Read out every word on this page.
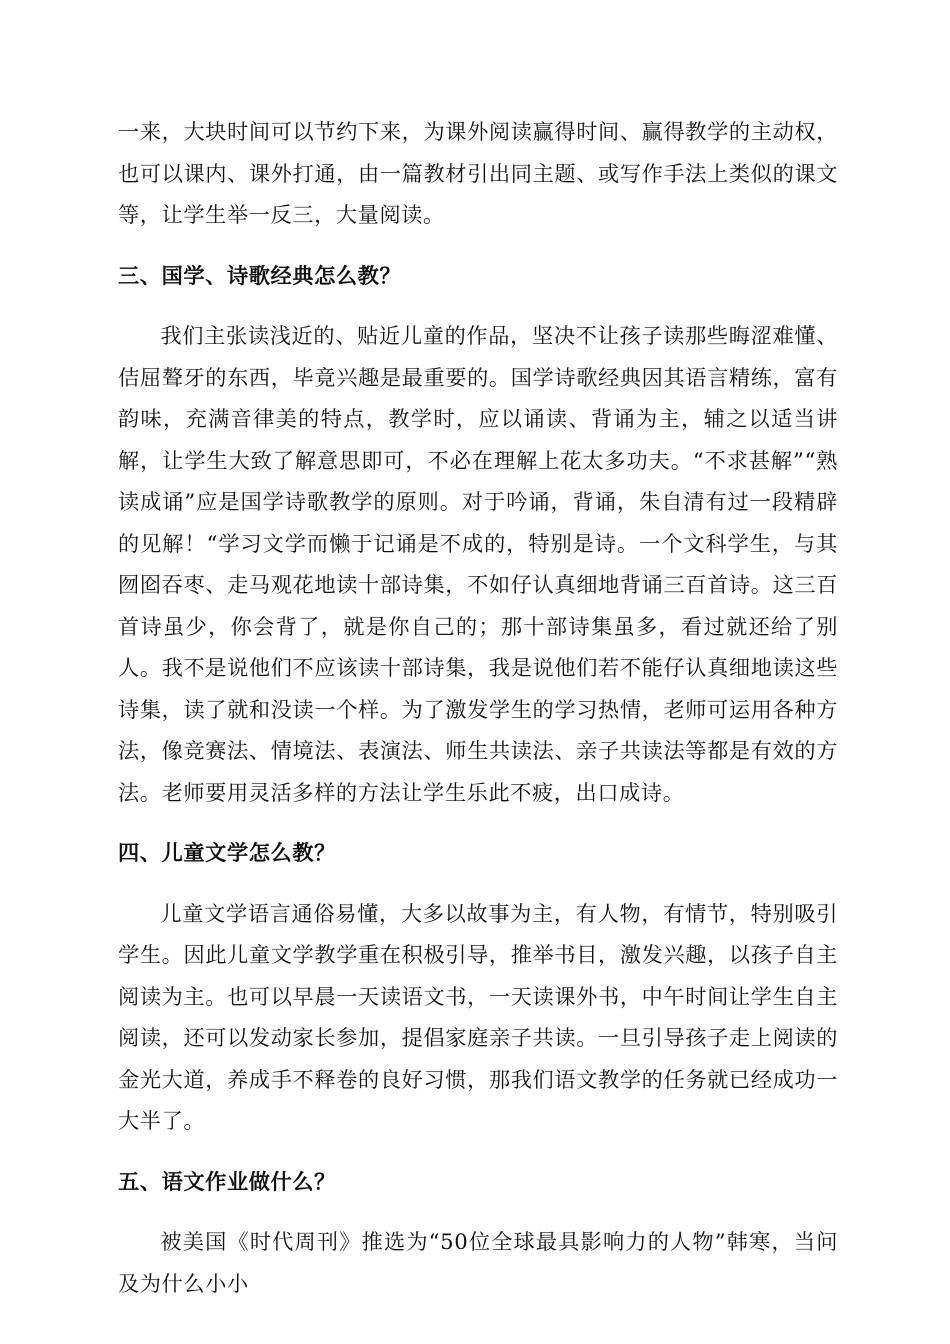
一来，大块时间可以节约下来，为课外阅读赢得时间、赢得教学的主动权，也可以课内、课外打通，由一篇教材引出同主题、或写作手法上类似的课文等，让学生举一反三，大量阅读。

三、国学、诗歌经典怎么教？

我们主张读浅近的、贴近儿童的作品，坚决不让孩子读那些晦涩难懂、佶屈聱牙的东西，毕竟兴趣是最重要的。国学诗歌经典因其语言精练，富有韵味，充满音律美的特点，教学时，应以诵读、背诵为主，辅之以适当讲解，让学生大致了解意思即可，不必在理解上花太多功夫。“不求甚解”“熟读成诵”应是国学诗歌教学的原则。对于吟诵，背诵，朱自清有过一段精辟的见解！“学习文学而懒于记诵是不成的，特别是诗。一个文科学生，与其囫囵吞枣、走马观花地读十部诗集，不如仔认真细地背诵三百首诗。这三百首诗虽少，你会背了，就是你自己的；那十部诗集虽多，看过就还给了别人。我不是说他们不应该读十部诗集，我是说他们若不能仔认真细地读这些诗集，读了就和没读一个样。为了激发学生的学习热情，老师可运用各种方法，像竞赛法、情境法、表演法、师生共读法、亲子共读法等都是有效的方法。老师要用灵活多样的方法让学生乐此不疲，出口成诗。

四、儿童文学怎么教？

儿童文学语言通俗易懂，大多以故事为主，有人物，有情节，特别吸引学生。因此儿童文学教学重在积极引导，推举书目，激发兴趣，以孩子自主阅读为主。也可以早晨一天读语文书，一天读课外书，中午时间让学生自主阅读，还可以发动家长参加，提倡家庭亲子共读。一旦引导孩子走上阅读的金光大道，养成手不释卷的良好习惯，那我们语文教学的任务就已经成功一大半了。

五、语文作业做什么？

被美国《时代周刊》推选为“50位全球最具影响力的人物”韩寒，当问及为什么小小
